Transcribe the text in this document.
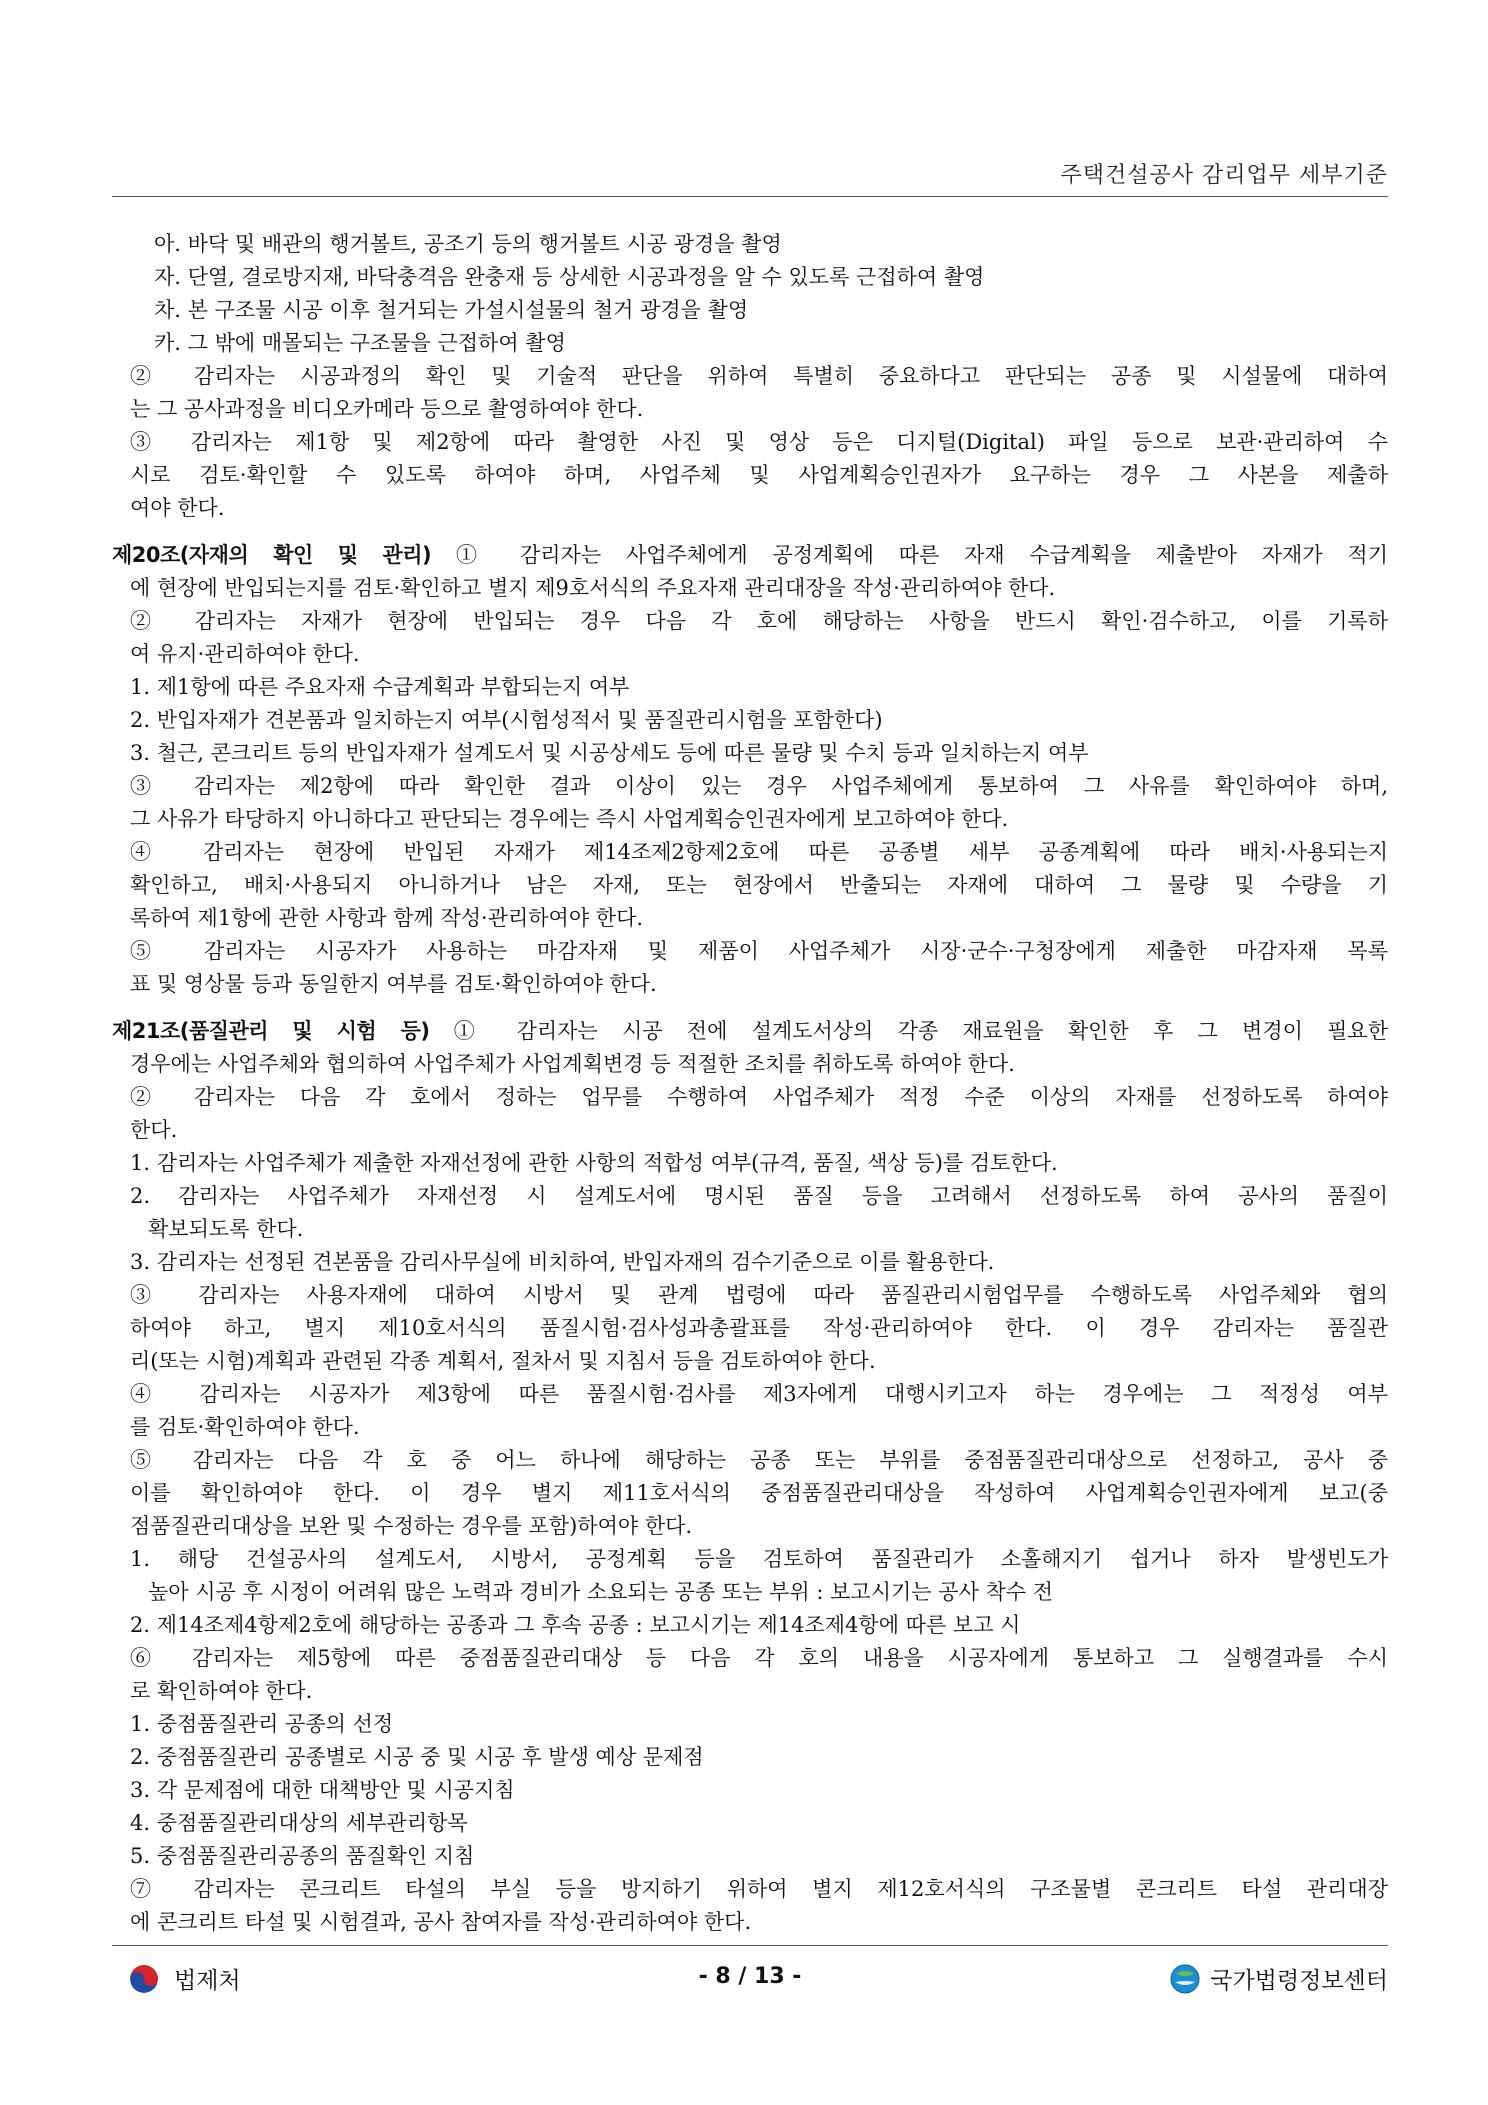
주택건설공사 감리업무 세부기준
아. 바닥 및 배관의 행거볼트, 공조기 등의 행거볼트 시공 광경을 촬영
자. 단열, 결로방지재, 바닥충격음 완충재 등 상세한 시공과정을 알 수 있도록 근접하여 촬영
차. 본 구조물 시공 이후 철거되는 가설시설물의 철거 광경을 촬영
카. 그 밖에 매몰되는 구조물을 근접하여 촬영
② 감리자는 시공과정의 확인 및 기술적 판단을 위하여 특별히 중요하다고 판단되는 공종 및 시설물에 대하여
는 그 공사과정을 비디오카메라 등으로 촬영하여야 한다.
③ 감리자는 제1항 및 제2항에 따라 촬영한 사진 및 영상 등은 디지털(Digital) 파일 등으로 보관·관리하여 수
시로 검토·확인할 수 있도록 하여야 하며, 사업주체 및 사업계획승인권자가 요구하는 경우 그 사본을 제출하
여야 한다.
제20조(자재의 확인 및 관리) ① 감리자는 사업주체에게 공정계획에 따른 자재 수급계획을 제출받아 자재가 적기
에 현장에 반입되는지를 검토·확인하고 별지 제9호서식의 주요자재 관리대장을 작성·관리하여야 한다.
② 감리자는 자재가 현장에 반입되는 경우 다음 각 호에 해당하는 사항을 반드시 확인·검수하고, 이를 기록하
여 유지·관리하여야 한다.
1. 제1항에 따른 주요자재 수급계획과 부합되는지 여부
2. 반입자재가 견본품과 일치하는지 여부(시험성적서 및 품질관리시험을 포함한다)
3. 철근, 콘크리트 등의 반입자재가 설계도서 및 시공상세도 등에 따른 물량 및 수치 등과 일치하는지 여부
③ 감리자는 제2항에 따라 확인한 결과 이상이 있는 경우 사업주체에게 통보하여 그 사유를 확인하여야 하며,
그 사유가 타당하지 아니하다고 판단되는 경우에는 즉시 사업계획승인권자에게 보고하여야 한다.
④ 감리자는 현장에 반입된 자재가 제14조제2항제2호에 따른 공종별 세부 공종계획에 따라 배치·사용되는지
확인하고, 배치·사용되지 아니하거나 남은 자재, 또는 현장에서 반출되는 자재에 대하여 그 물량 및 수량을 기
록하여 제1항에 관한 사항과 함께 작성·관리하여야 한다.
⑤ 감리자는 시공자가 사용하는 마감자재 및 제품이 사업주체가 시장·군수·구청장에게 제출한 마감자재 목록
표 및 영상물 등과 동일한지 여부를 검토·확인하여야 한다.
제21조(품질관리 및 시험 등) ① 감리자는 시공 전에 설계도서상의 각종 재료원을 확인한 후 그 변경이 필요한
경우에는 사업주체와 협의하여 사업주체가 사업계획변경 등 적절한 조치를 취하도록 하여야 한다.
② 감리자는 다음 각 호에서 정하는 업무를 수행하여 사업주체가 적정 수준 이상의 자재를 선정하도록 하여야
한다.
1. 감리자는 사업주체가 제출한 자재선정에 관한 사항의 적합성 여부(규격, 품질, 색상 등)를 검토한다.
2. 감리자는 사업주체가 자재선정 시 설계도서에 명시된 품질 등을 고려해서 선정하도록 하여 공사의 품질이
확보되도록 한다.
3. 감리자는 선정된 견본품을 감리사무실에 비치하여, 반입자재의 검수기준으로 이를 활용한다.
③ 감리자는 사용자재에 대하여 시방서 및 관계 법령에 따라 품질관리시험업무를 수행하도록 사업주체와 협의
하여야 하고, 별지 제10호서식의 품질시험·검사성과총괄표를 작성·관리하여야 한다. 이 경우 감리자는 품질관
리(또는 시험)계획과 관련된 각종 계획서, 절차서 및 지침서 등을 검토하여야 한다.
④ 감리자는 시공자가 제3항에 따른 품질시험·검사를 제3자에게 대행시키고자 하는 경우에는 그 적정성 여부
를 검토·확인하여야 한다.
⑤ 감리자는 다음 각 호 중 어느 하나에 해당하는 공종 또는 부위를 중점품질관리대상으로 선정하고, 공사 중
이를 확인하여야 한다. 이 경우 별지 제11호서식의 중점품질관리대상을 작성하여 사업계획승인권자에게 보고(중
점품질관리대상을 보완 및 수정하는 경우를 포함)하여야 한다.
1. 해당 건설공사의 설계도서, 시방서, 공정계획 등을 검토하여 품질관리가 소홀해지기 쉽거나 하자 발생빈도가
높아 시공 후 시정이 어려워 많은 노력과 경비가 소요되는 공종 또는 부위 : 보고시기는 공사 착수 전
2. 제14조제4항제2호에 해당하는 공종과 그 후속 공종 : 보고시기는 제14조제4항에 따른 보고 시
⑥ 감리자는 제5항에 따른 중점품질관리대상 등 다음 각 호의 내용을 시공자에게 통보하고 그 실행결과를 수시
로 확인하여야 한다.
1. 중점품질관리 공종의 선정
2. 중점품질관리 공종별로 시공 중 및 시공 후 발생 예상 문제점
3. 각 문제점에 대한 대책방안 및 시공지침
4. 중점품질관리대상의 세부관리항목
5. 중점품질관리공종의 품질확인 지침
⑦ 감리자는 콘크리트 타설의 부실 등을 방지하기 위하여 별지 제12호서식의 구조물별 콘크리트 타설 관리대장
에 콘크리트 타설 및 시험결과, 공사 참여자를 작성·관리하여야 한다.
법제처	- 8 / 13 -	국가법령정보센터
